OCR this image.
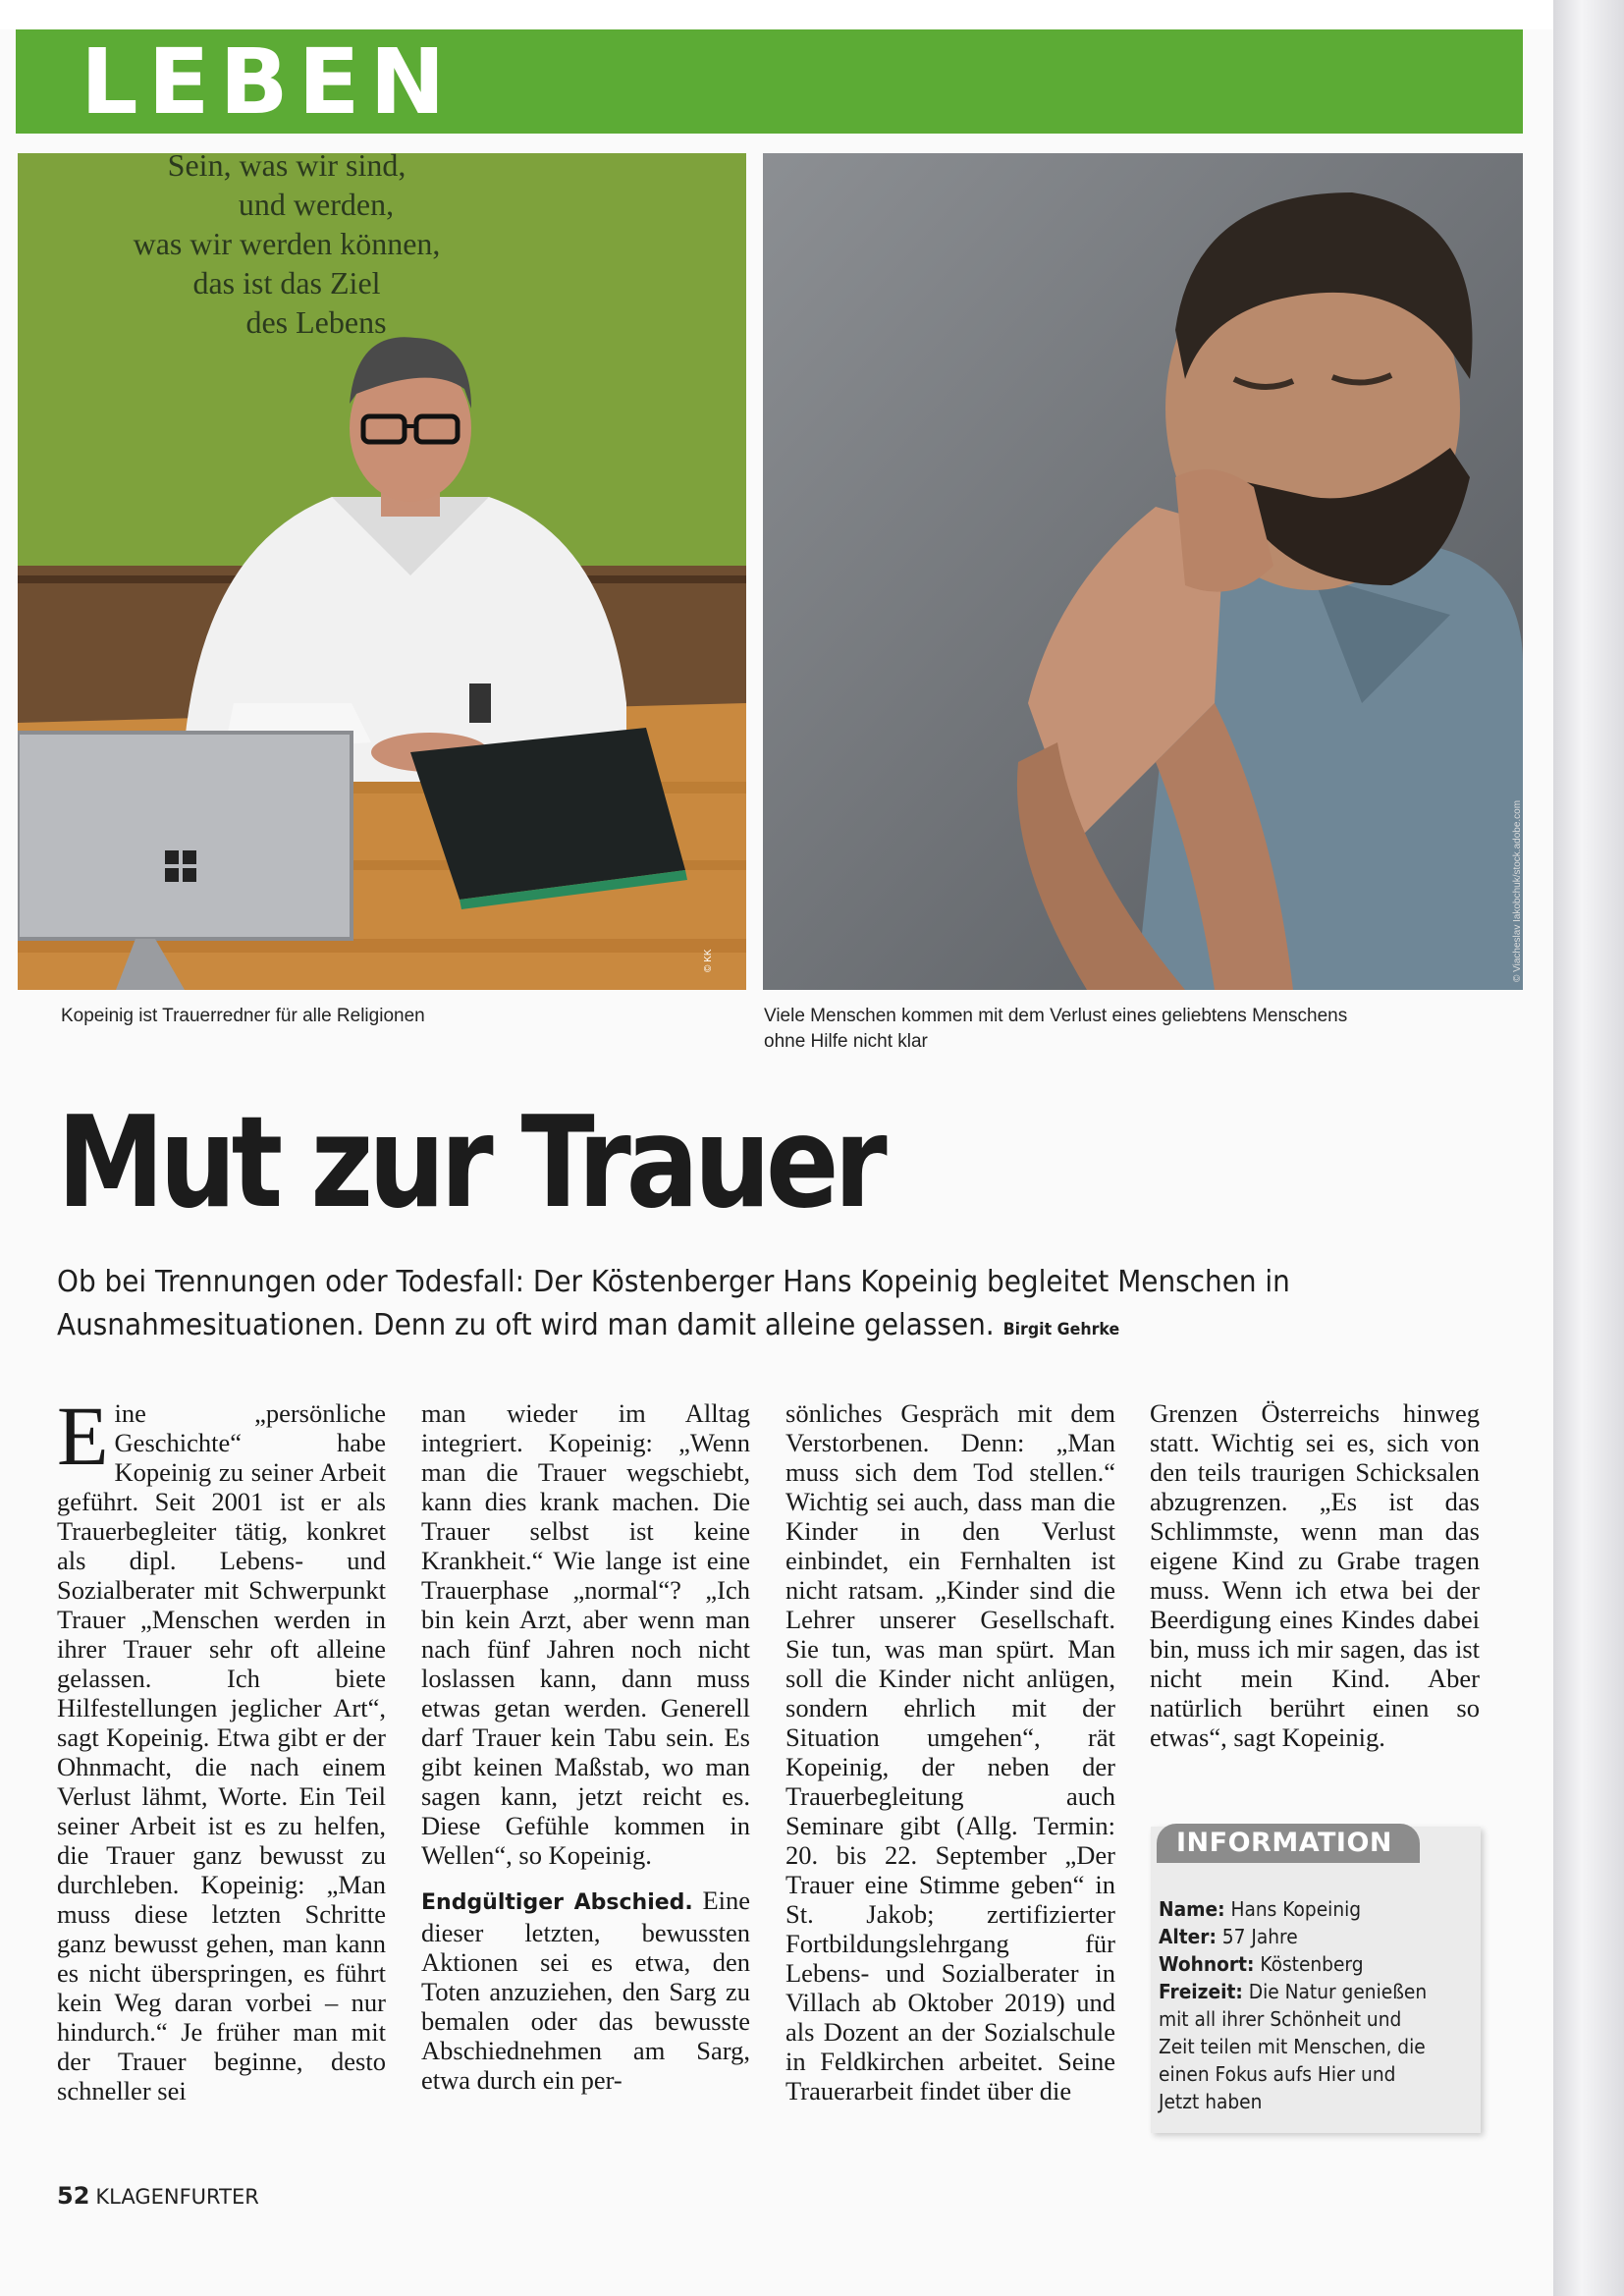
LEBEN
Sein, was wir sind,
und werden,
was wir werden können,
das ist das Ziel
des Lebens
© KK	© Viacheslav Iakobchuk/stock.adobe.com
Kopeinig ist Trauerredner für alle Religionen	Viele Menschen kommen mit dem Verlust eines geliebtens Menschens ohne Hilfe nicht klar
Mut zur Trauer
Ob bei Trennungen oder Todesfall: Der Köstenberger Hans Kopeinig begleitet Menschen in Ausnahmesituationen. Denn zu oft wird man damit alleine gelassen. Birgit Gehrke
Eine „persönliche Geschichte“ habe Kopeinig zu seiner Arbeit geführt. Seit 2001 ist er als Trauerbegleiter tätig, konkret als dipl. Lebens- und Sozialberater mit Schwerpunkt Trauer „Menschen werden in ihrer Trauer sehr oft alleine gelassen. Ich biete Hilfestellungen jeglicher Art“, sagt Kopeinig. Etwa gibt er der Ohnmacht, die nach einem Verlust lähmt, Worte. Ein Teil seiner Arbeit ist es zu helfen, die Trauer ganz bewusst zu durchleben. Kopeinig: „Man muss diese letzten Schritte ganz bewusst gehen, man kann es nicht überspringen, es führt kein Weg daran vorbei – nur hindurch.“ Je früher man mit der Trauer beginne, desto schneller sei

man wieder im Alltag integriert. Kopeinig: „Wenn man die Trauer wegschiebt, kann dies krank machen. Die Trauer selbst ist keine Krankheit.“ Wie lange ist eine Trauerphase „normal“? „Ich bin kein Arzt, aber wenn man nach fünf Jahren noch nicht loslassen kann, dann muss etwas getan werden. Generell darf Trauer kein Tabu sein. Es gibt keinen Maßstab, wo man sagen kann, jetzt reicht es. Diese Gefühle kommen in Wellen“, so Kopeinig.

Endgültiger Abschied. Eine dieser letzten, bewussten Aktionen sei es etwa, den Toten anzuziehen, den Sarg zu bemalen oder das bewusste Abschiednehmen am Sarg, etwa durch ein per-

sönliches Gespräch mit dem Verstorbenen. Denn: „Man muss sich dem Tod stellen.“ Wichtig sei auch, dass man die Kinder in den Verlust einbindet, ein Fernhalten ist nicht ratsam. „Kinder sind die Lehrer unserer Gesellschaft. Sie tun, was man spürt. Man soll die Kinder nicht anlügen, sondern ehrlich mit der Situation umgehen“, rät Kopeinig, der neben der Trauerbegleitung auch Seminare gibt (Allg. Termin: 20. bis 22. September „Der Trauer eine Stimme geben“ in St. Jakob; zertifizierter Fortbildungslehrgang für Lebens- und Sozialberater in Villach ab Oktober 2019) und als Dozent an der Sozialschule in Feldkirchen arbeitet. Seine Trauerarbeit findet über die
Grenzen Österreichs hinweg statt. Wichtig sei es, sich von den teils traurigen Schicksalen abzugrenzen. „Es ist das Schlimmste, wenn man das eigene Kind zu Grabe tragen muss. Wenn ich etwa bei der Beerdigung eines Kindes dabei bin, muss ich mir sagen, das ist nicht mein Kind. Aber natürlich berührt einen so etwas“, sagt Kopeinig.
INFORMATION
Name: Hans Kopeinig
Alter: 57 Jahre
Wohnort: Köstenberg
Freizeit: Die Natur genießen mit all ihrer Schönheit und Zeit teilen mit Menschen, die einen Fokus aufs Hier und Jetzt haben
52 KLAGENFURTER
